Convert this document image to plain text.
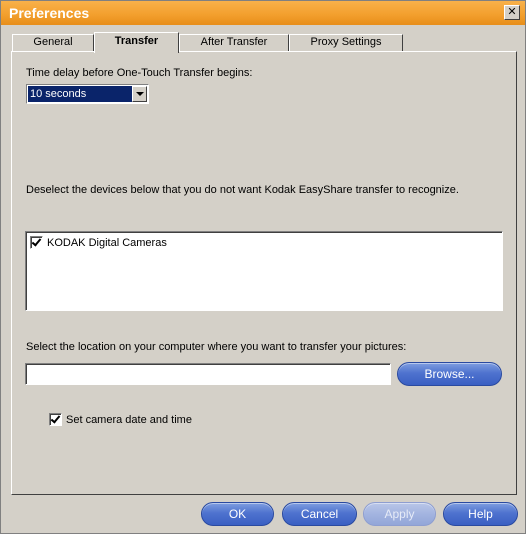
Preferences	✕
General	Transfer	After Transfer	Proxy Settings
Time delay before One-Touch Transfer begins:
10 seconds
Deselect the devices below that you do not want Kodak EasyShare transfer to recognize.
KODAK Digital Cameras
Select the location on your computer where you want to transfer your pictures:
Browse...
Set camera date and time
OK	Cancel	Apply	Help
